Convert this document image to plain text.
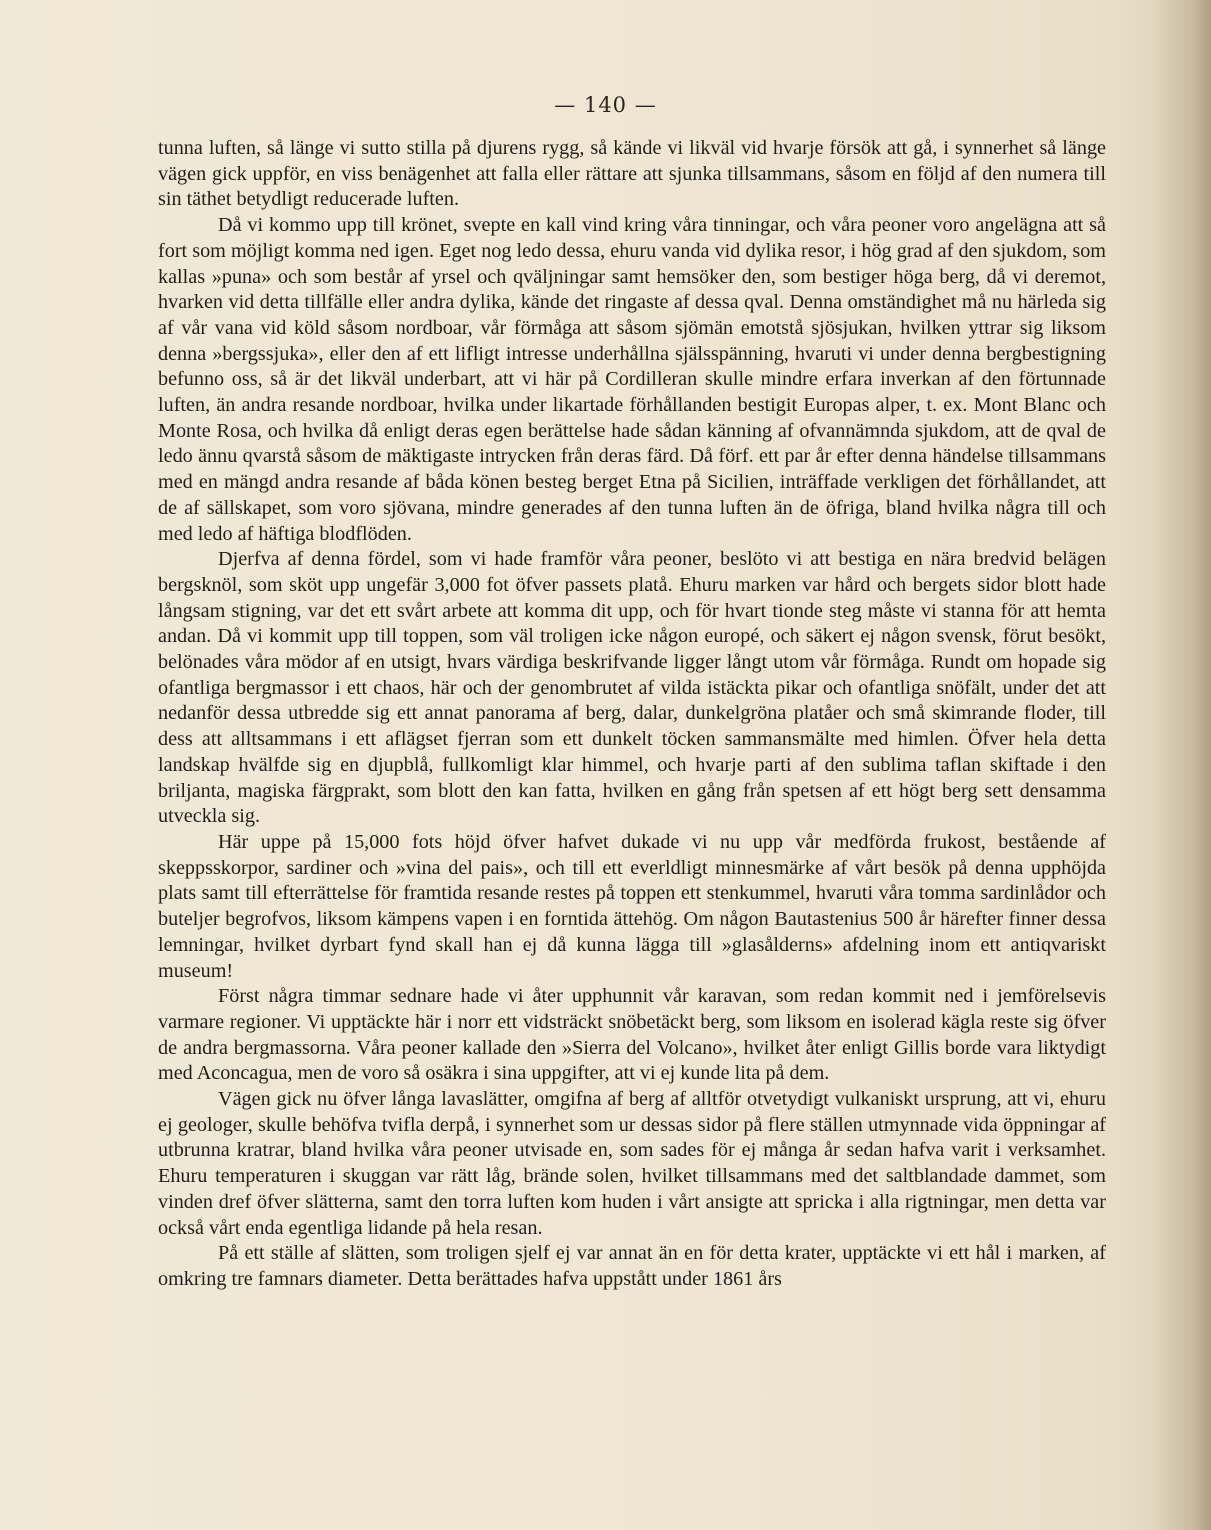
— 140 —

tunna luften, så länge vi sutto stilla på djurens rygg, så kände vi likväl vid hvarje försök att gå, i synnerhet så länge vägen gick uppför, en viss benägenhet att falla eller rättare att sjunka tillsammans, såsom en följd af den numera till sin täthet betydligt reducerade luften.

Då vi kommo upp till krönet, svepte en kall vind kring våra tinningar, och våra peoner voro angelägna att så fort som möjligt komma ned igen. Eget nog ledo dessa, ehuru vanda vid dylika resor, i hög grad af den sjukdom, som kallas »puna» och som består af yrsel och qväljningar samt hemsöker den, som bestiger höga berg, då vi deremot, hvarken vid detta tillfälle eller andra dylika, kände det ringaste af dessa qval. Denna omständighet må nu härleda sig af vår vana vid köld såsom nordboar, vår förmåga att såsom sjömän emotstå sjösjukan, hvilken yttrar sig liksom denna »bergssjuka», eller den af ett lifligt intresse underhållna själsspänning, hvaruti vi under denna bergbestigning befunno oss, så är det likväl underbart, att vi här på Cordilleran skulle mindre erfara inverkan af den förtunnade luften, än andra resande nordboar, hvilka under likartade förhållanden bestigit Europas alper, t. ex. Mont Blanc och Monte Rosa, och hvilka då enligt deras egen berättelse hade sådan känning af ofvannämnda sjukdom, att de qval de ledo ännu qvarstå såsom de mäktigaste intrycken från deras färd. Då förf. ett par år efter denna händelse tillsammans med en mängd andra resande af båda könen besteg berget Etna på Sicilien, inträffade verkligen det förhållandet, att de af sällskapet, som voro sjövana, mindre generades af den tunna luften än de öfriga, bland hvilka några till och med ledo af häftiga blodflöden.

Djerfva af denna fördel, som vi hade framför våra peoner, beslöto vi att bestiga en nära bredvid belägen bergsknöl, som sköt upp ungefär 3,000 fot öfver passets platå. Ehuru marken var hård och bergets sidor blott hade långsam stigning, var det ett svårt arbete att komma dit upp, och för hvart tionde steg måste vi stanna för att hemta andan. Då vi kommit upp till toppen, som väl troligen icke någon europé, och säkert ej någon svensk, förut besökt, belönades våra mödor af en utsigt, hvars värdiga beskrifvande ligger långt utom vår förmåga. Rundt om hopade sig ofantliga bergmassor i ett chaos, här och der genombrutet af vilda istäckta pikar och ofantliga snöfält, under det att nedanför dessa utbredde sig ett annat panorama af berg, dalar, dunkelgröna platåer och små skimrande floder, till dess att alltsammans i ett aflägset fjerran som ett dunkelt töcken sammansmälte med himlen. Öfver hela detta landskap hvälfde sig en djupblå, fullkomligt klar himmel, och hvarje parti af den sublima taflan skiftade i den briljanta, magiska färgprakt, som blott den kan fatta, hvilken en gång från spetsen af ett högt berg sett densamma utveckla sig.

Här uppe på 15,000 fots höjd öfver hafvet dukade vi nu upp vår medförda frukost, bestående af skeppsskorpor, sardiner och »vina del pais», och till ett everldligt minnesmärke af vårt besök på denna upphöjda plats samt till efterrättelse för framtida resande restes på toppen ett stenkummel, hvaruti våra tomma sardinlådor och buteljer begrofvos, liksom kämpens vapen i en forntida ättehög. Om någon Bautastenius 500 år härefter finner dessa lemningar, hvilket dyrbart fynd skall han ej då kunna lägga till »glasålderns» afdelning inom ett antiqvariskt museum!

Först några timmar sednare hade vi åter upphunnit vår karavan, som redan kommit ned i jemförelsevis varmare regioner. Vi upptäckte här i norr ett vidsträckt snöbetäckt berg, som liksom en isolerad kägla reste sig öfver de andra bergmassorna. Våra peoner kallade den »Sierra del Volcano», hvilket åter enligt Gillis borde vara liktydigt med Aconcagua, men de voro så osäkra i sina uppgifter, att vi ej kunde lita på dem.

Vägen gick nu öfver långa lavaslätter, omgifna af berg af alltför otvetydigt vulkaniskt ursprung, att vi, ehuru ej geologer, skulle behöfva tvifla derpå, i synnerhet som ur dessas sidor på flere ställen utmynnade vida öppningar af utbrunna kratrar, bland hvilka våra peoner utvisade en, som sades för ej många år sedan hafva varit i verksamhet. Ehuru temperaturen i skuggan var rätt låg, brände solen, hvilket tillsammans med det saltblandade dammet, som vinden dref öfver slätterna, samt den torra luften kom huden i vårt ansigte att spricka i alla rigtningar, men detta var också vårt enda egentliga lidande på hela resan.

På ett ställe af slätten, som troligen sjelf ej var annat än en för detta krater, upptäckte vi ett hål i marken, af omkring tre famnars diameter. Detta berättades hafva uppstått under 1861 års
